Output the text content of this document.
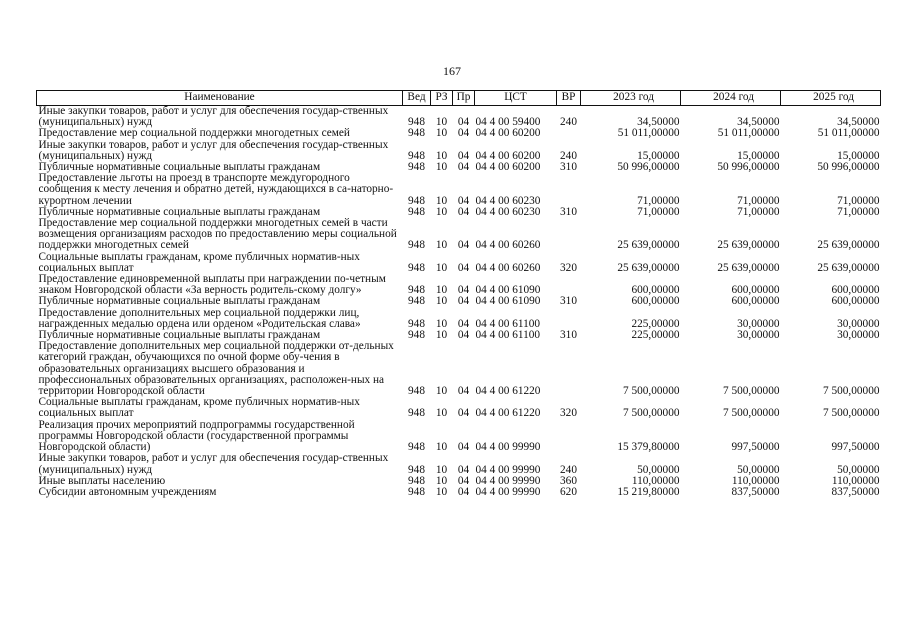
167
Наименование	Вед	РЗ	Пр	ЦСТ	ВР	2023 год	2024 год	2025 год
Иные закупки товаров, работ и услуг для обеспечения государ-ственных (муниципальных) нужд	948	10	04	04 4 00 59400	240	34,50000	34,50000	34,50000
Предоставление мер социальной поддержки многодетных семей	948	10	04	04 4 00 60200		51 011,00000	51 011,00000	51 011,00000
Иные закупки товаров, работ и услуг для обеспечения государ-ственных (муниципальных) нужд	948	10	04	04 4 00 60200	240	15,00000	15,00000	15,00000
Публичные нормативные социальные выплаты гражданам	948	10	04	04 4 00 60200	310	50 996,00000	50 996,00000	50 996,00000
Предоставление льготы на проезд в транспорте междугородного сообщения к месту лечения и обратно детей, нуждающихся в са-наторно-курортном лечении	948	10	04	04 4 00 60230		71,00000	71,00000	71,00000
Публичные нормативные социальные выплаты гражданам	948	10	04	04 4 00 60230	310	71,00000	71,00000	71,00000
Предоставление мер социальной поддержки многодетных семей в части возмещения организациям расходов по предоставлению меры социальной поддержки многодетных семей	948	10	04	04 4 00 60260		25 639,00000	25 639,00000	25 639,00000
Социальные выплаты гражданам, кроме публичных норматив-ных социальных выплат	948	10	04	04 4 00 60260	320	25 639,00000	25 639,00000	25 639,00000
Предоставление единовременной выплаты при награждении по-четным знаком Новгородской области «За верность родитель-скому долгу»	948	10	04	04 4 00 61090		600,00000	600,00000	600,00000
Публичные нормативные социальные выплаты гражданам	948	10	04	04 4 00 61090	310	600,00000	600,00000	600,00000
Предоставление дополнительных мер социальной поддержки лиц, награжденных медалью ордена или орденом «Родительская слава»	948	10	04	04 4 00 61100		225,00000	30,00000	30,00000
Публичные нормативные социальные выплаты гражданам	948	10	04	04 4 00 61100	310	225,00000	30,00000	30,00000
Предоставление дополнительных мер социальной поддержки от-дельных категорий граждан, обучающихся по очной форме обу-чения в образовательных организациях высшего образования и профессиональных образовательных организациях, расположен-ных на территории Новгородской области	948	10	04	04 4 00 61220		7 500,00000	7 500,00000	7 500,00000
Социальные выплаты гражданам, кроме публичных норматив-ных социальных выплат	948	10	04	04 4 00 61220	320	7 500,00000	7 500,00000	7 500,00000
Реализация прочих мероприятий подпрограммы государственной программы Новгородской области (государственной программы Новгородской области)	948	10	04	04 4 00 99990		15 379,80000	997,50000	997,50000
Иные закупки товаров, работ и услуг для обеспечения государ-ственных (муниципальных) нужд	948	10	04	04 4 00 99990	240	50,00000	50,00000	50,00000
Иные выплаты населению	948	10	04	04 4 00 99990	360	110,00000	110,00000	110,00000
Субсидии автономным учреждениям	948	10	04	04 4 00 99990	620	15 219,80000	837,50000	837,50000
